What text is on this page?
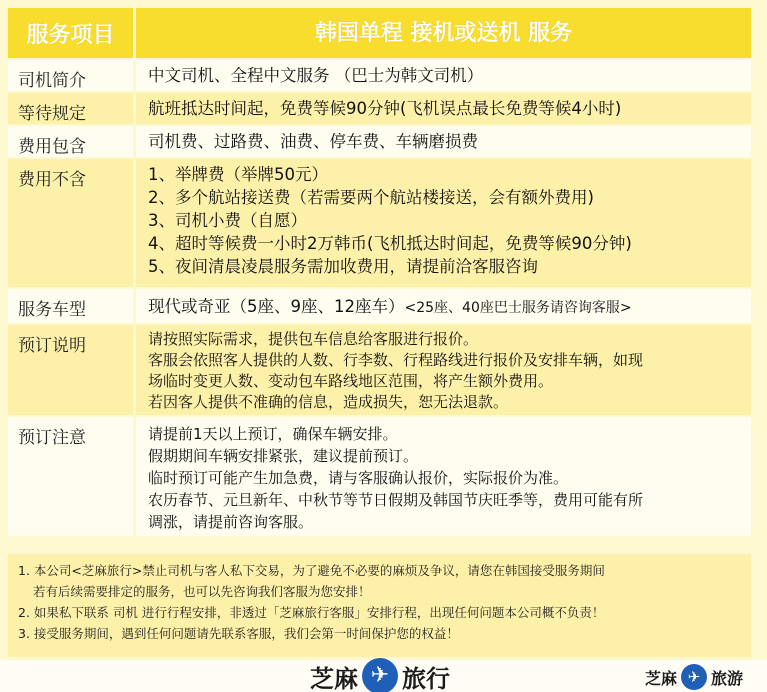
服务项目	韩国单程 接机或送机 服务
司机简介	中文司机、全程中文服务 （巴士为韩文司机）
等待规定	航班抵达时间起，免费等候90分钟(飞机误点最长免费等候4小时)
费用包含	司机费、过路费、油费、停车费、车辆磨损费
费用不含	1、举牌费（举牌50元）
2、多个航站接送费（若需要两个航站楼接送，会有额外费用)
3、司机小费（自愿）
4、超时等候费一小时2万韩币(飞机抵达时间起，免费等候90分钟)
5、夜间清晨凌晨服务需加收费用，请提前洽客服咨询
服务车型	现代或奇亚（5座、9座、12座车）<25座、40座巴士服务请咨询客服>
预订说明	请按照实际需求，提供包车信息给客服进行报价。
客服会依照客人提供的人数、行李数、行程路线进行报价及安排车辆，如现
场临时变更人数、变动包车路线地区范围，将产生额外费用。
若因客人提供不准确的信息，造成损失，恕无法退款。
预订注意	请提前1天以上预订，确保车辆安排。
假期期间车辆安排紧张，建议提前预订。
临时预订可能产生加急费，请与客服确认报价，实际报价为准。
农历春节、元旦新年、中秋节等节日假期及韩国节庆旺季等，费用可能有所
调涨，请提前咨询客服。
1. 本公司<芝麻旅行>禁止司机与客人私下交易，为了避免不必要的麻烦及争议，请您在韩国接受服务期间
若有后续需要排定的服务，也可以先咨询我们客服为您安排！
2. 如果私下联系 司机 进行行程安排，非透过「芝麻旅行客服」安排行程，出现任何问题本公司概不负责！
3. 接受服务期间，遇到任何问题请先联系客服，我们会第一时间保护您的权益！
芝麻 ✈ 旅行	芝麻 ✈ 旅游
